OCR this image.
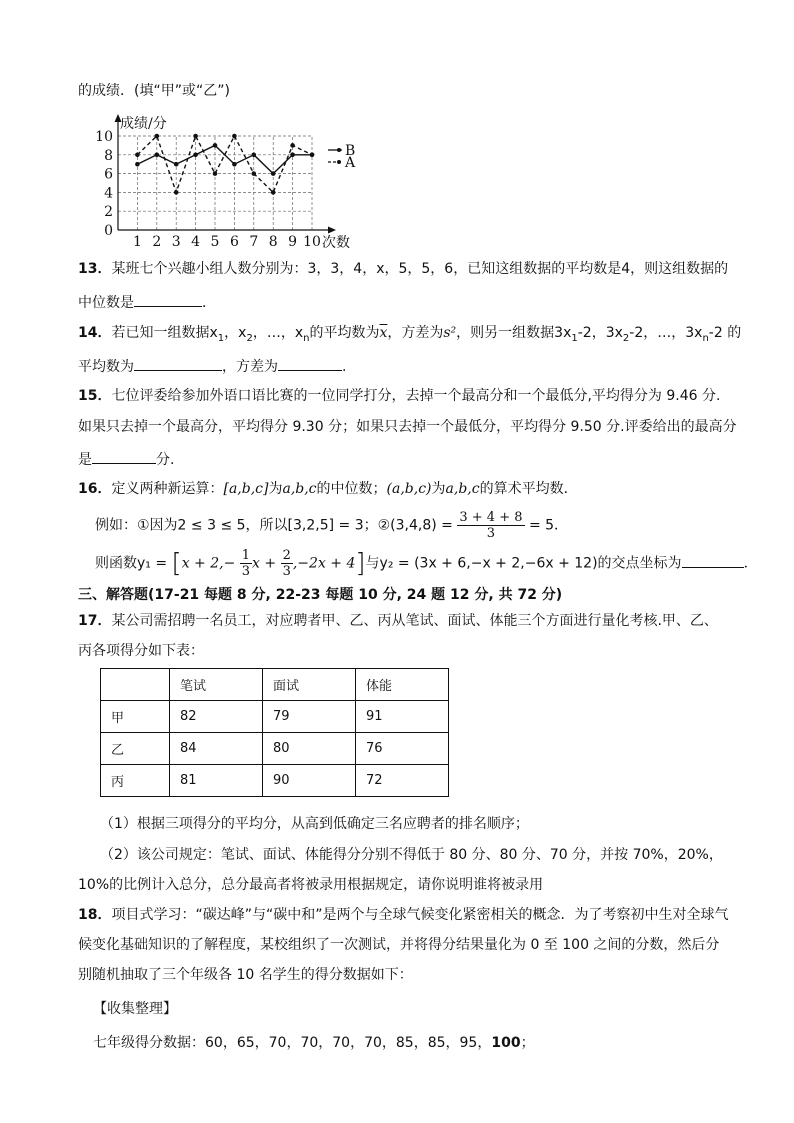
的成绩．(填“甲”或“乙”)
1 2 3 4 5 6 7 8 9 10
0
2
4
6
8
10
成绩/分
次数
B
A
13．某班七个兴趣小组人数分别为：3，3，4，x，5，5，6，已知这组数据的平均数是4，则这组数据的
中位数是	．
14．若已知一组数据$x_1$，$x_2$，…，$x_n$的平均数为$\overline{x}$，方差为s²，则另一组数据$3x_1-2$，$3x_2-2$，…，$3x_n-2$ 的
平均数为	，方差为	.
15．七位评委给参加外语口语比赛的一位同学打分，去掉一个最高分和一个最低分,平均得分为 9.46 分.
如果只去掉一个最高分，平均得分 9.30 分；如果只去掉一个最低分，平均得分 9.50 分.评委给出的最高分
是	分.
16．定义两种新运算：[a,b,c]为a,b,c的中位数；(a,b,c)为a,b,c的算术平均数．
例如：①因为2 ≤ 3 ≤ 5，所以[3,2,5] = 3；②(3,4,8) = $\frac{3 + 4 + 8}{3} = 5$．
则函数$y_1 = [x + 2,- \frac{1}{3}$ $x + \frac{2}{3} ,-2x + 4$]与y₂ = (3x + 6,−x + 2,−6x + 12)的交点坐标为	．
三、解答题(17-21 每题 8 分, 22-23 每题 10 分, 24 题 12 分, 共 72 分)
17．某公司需招聘一名员工，对应聘者甲、乙、丙从笔试、面试、体能三个方面进行量化考核.甲、乙、
丙各项得分如下表：
	笔试	面试	体能
甲	82	79	91
乙	84	80	76
丙	81	90	72
（1）根据三项得分的平均分，从高到低确定三名应聘者的排名顺序；
（2）该公司规定：笔试、面试、体能得分分别不得低于 80 分、80 分、70 分，并按 70%，20%，
10%的比例计入总分，总分最高者将被录用根据规定，请你说明谁将被录用
18．项目式学习：“碳达峰”与“碳中和”是两个与全球气候变化紧密相关的概念．为了考察初中生对全球气
候变化基础知识的了解程度，某校组织了一次测试，并将得分结果量化为 0 至 100 之间的分数，然后分
别随机抽取了三个年级各 10 名学生的得分数据如下：
【收集整理】
七年级得分数据：60，65，70，70，70，70，85，85，95，100；
